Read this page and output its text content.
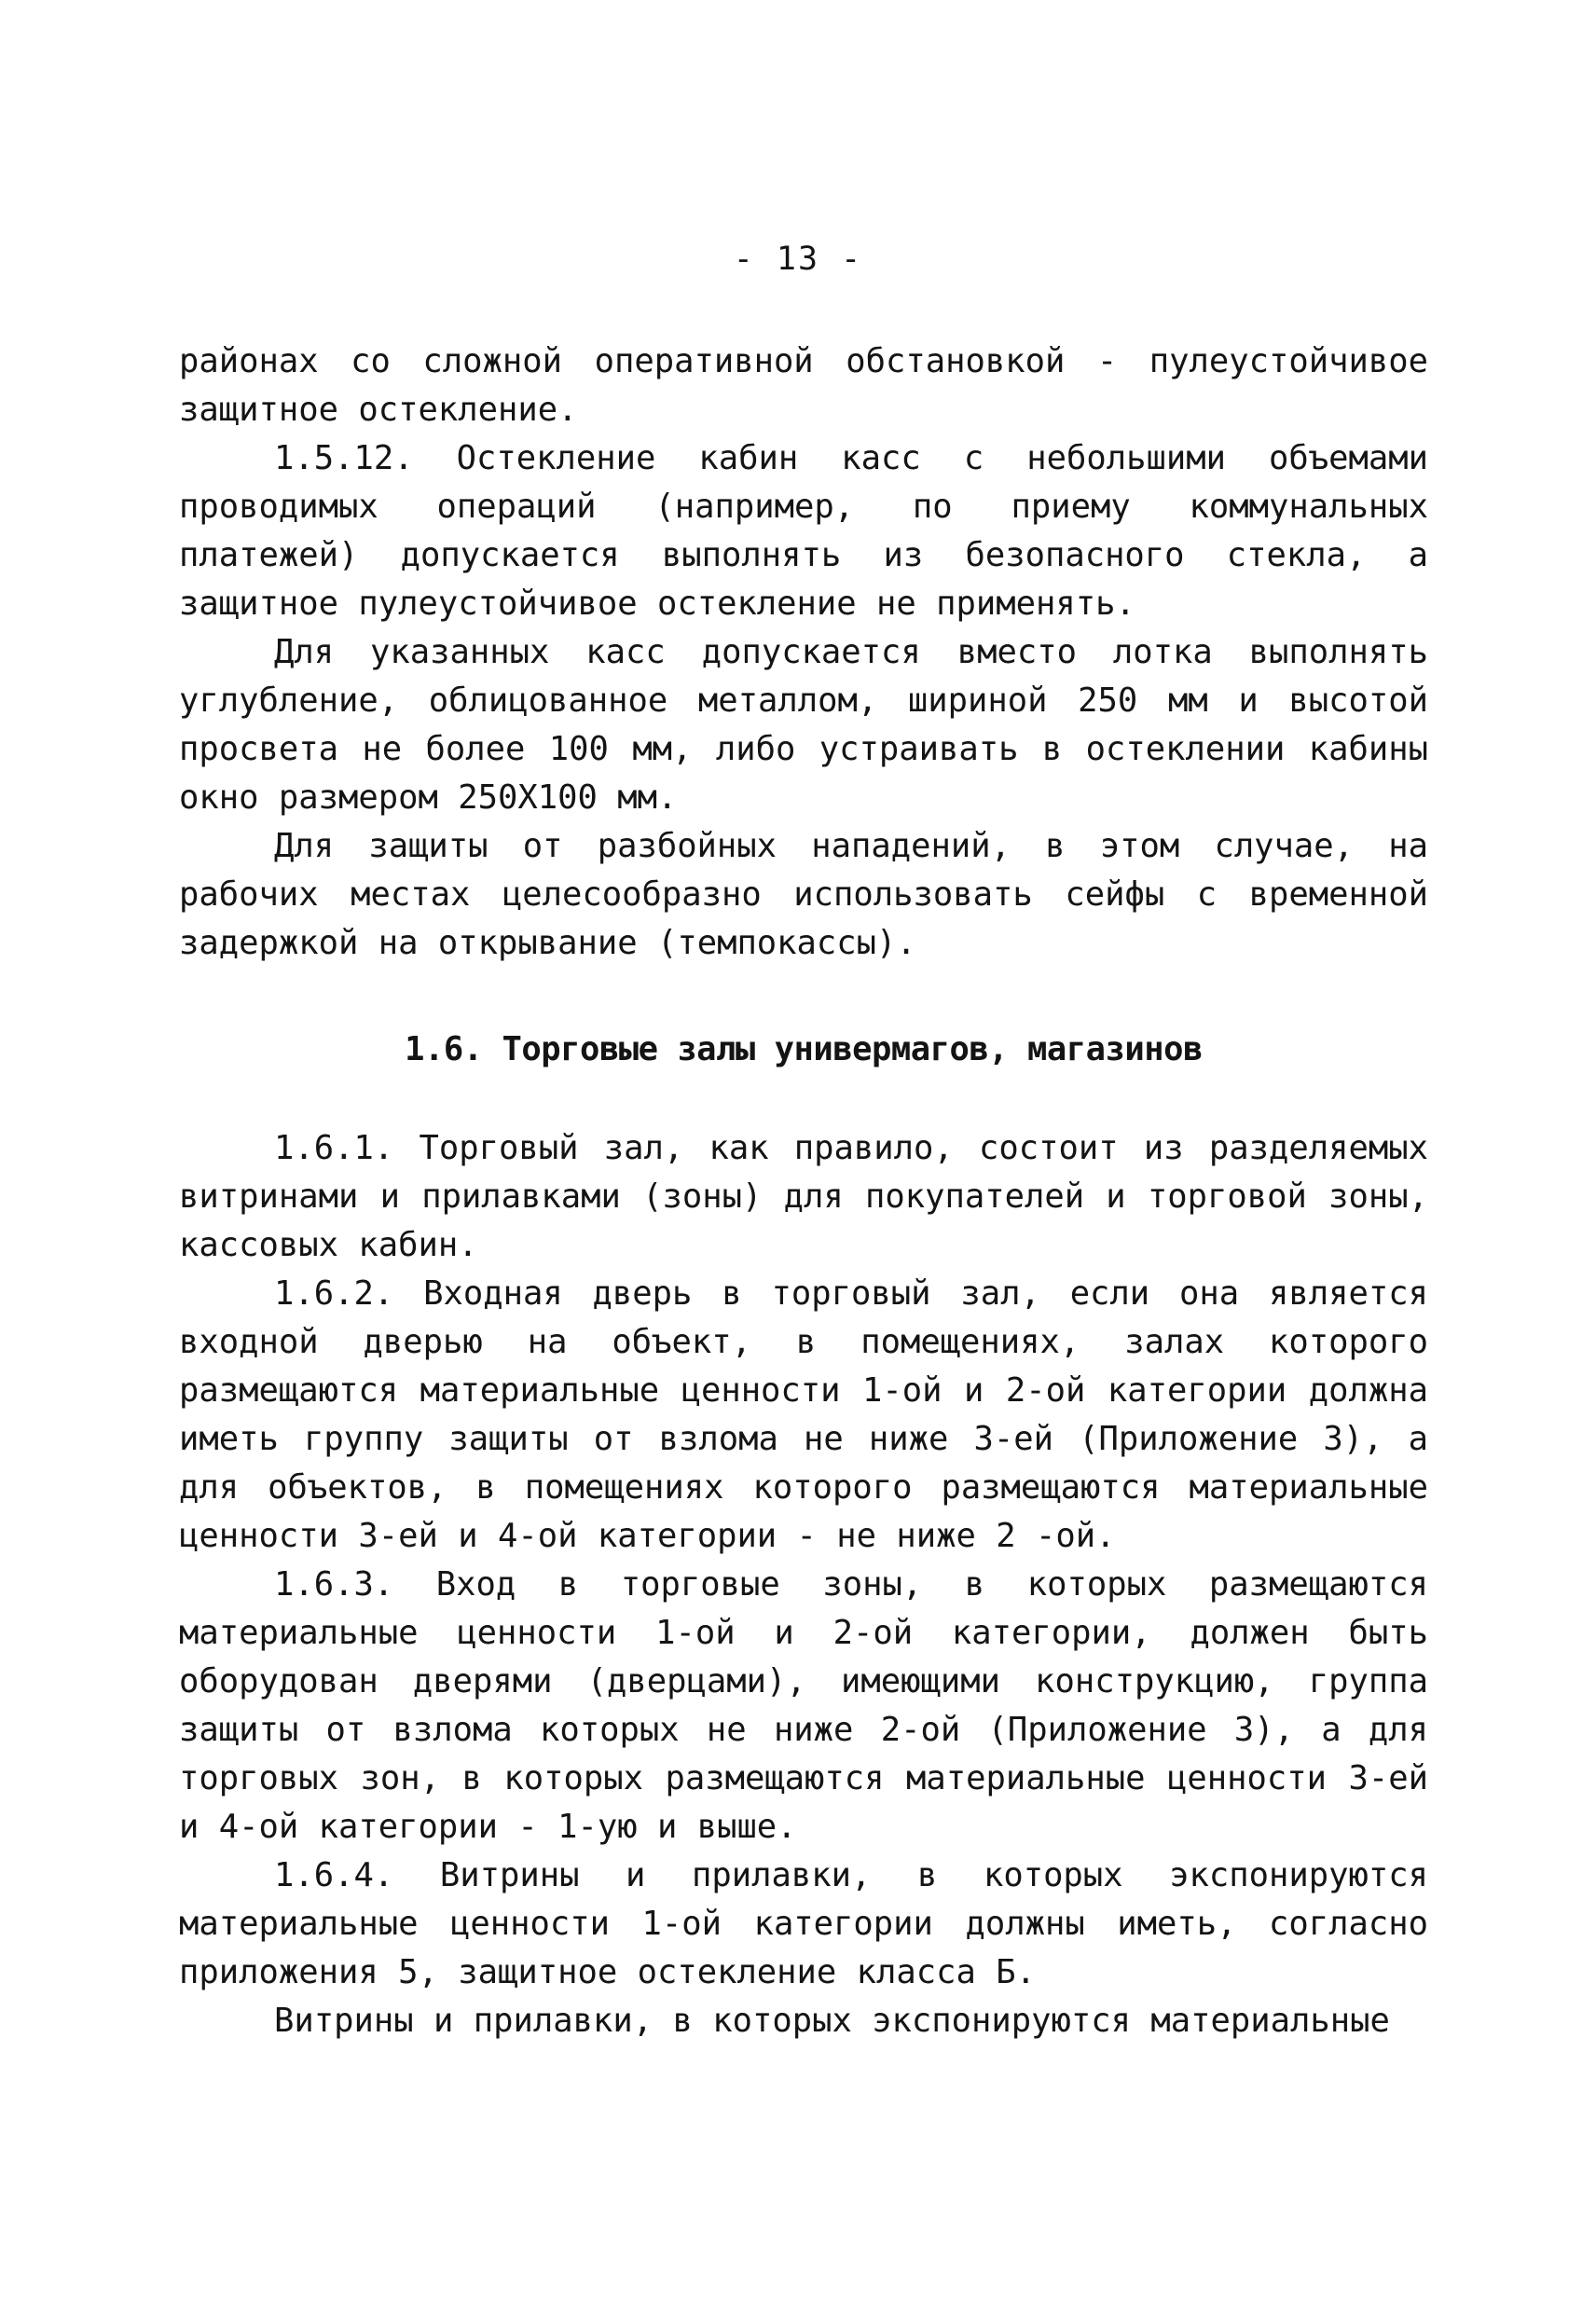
- 13 -

районах со сложной оперативной обстановкой - пулеустойчивое защитное остекление.

1.5.12. Остекление кабин касс с небольшими объемами проводимых операций (например, по приему коммунальных платежей) допускается выполнять из безопасного стекла, а защитное пулеустойчивое остекление не применять.

Для указанных касс допускается вместо лотка выполнять углубление, облицованное металлом, шириной 250 мм и высотой просвета не более 100 мм, либо устраивать в остеклении кабины окно размером 250X100 мм.

Для защиты от разбойных нападений, в этом случае, на рабочих местах целесообразно использовать сейфы с временной задержкой на открывание (темпокассы).

1.6. Торговые залы универмагов, магазинов

1.6.1. Торговый зал, как правило, состоит из разделяемых витринами и прилавками (зоны) для покупателей и торговой зоны, кассовых кабин.

1.6.2. Входная дверь в торговый зал, если она является входной дверью на объект, в помещениях, залах которого размещаются материальные ценности 1-ой и 2-ой категории должна иметь группу защиты от взлома не ниже 3-ей (Приложение 3), а для объектов, в помещениях которого размещаются материальные ценности 3-ей и 4-ой категории - не ниже 2 -ой.

1.6.3. Вход в торговые зоны, в которых размещаются материальные ценности 1-ой и 2-ой категории, должен быть оборудован дверями (дверцами), имеющими конструкцию, группа защиты от взлома которых не ниже 2-ой (Приложение 3), а для торговых зон, в которых размещаются материальные ценности 3-ей и 4-ой категории - 1-ую и выше.

1.6.4. Витрины и прилавки, в которых экспонируются материальные ценности 1-ой категории должны иметь, согласно приложения 5, защитное остекление класса Б.

Витрины и прилавки, в которых экспонируются материальные
